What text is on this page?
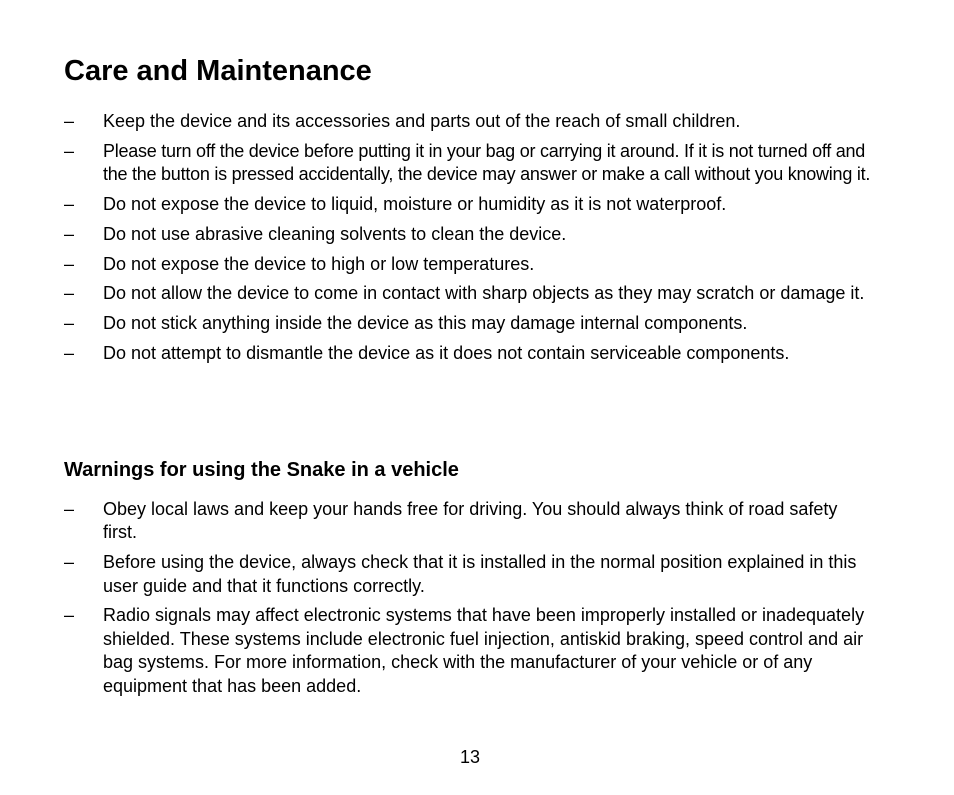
Care and Maintenance
– Keep the device and its accessories and parts out of the reach of small children.
– Please turn off the device before putting it in your bag or carrying it around. If it is not turned off and the the button is pressed accidentally, the device may answer or make a call without you knowing it.
– Do not expose the device to liquid, moisture or humidity as it is not waterproof.
– Do not use abrasive cleaning solvents to clean the device.
– Do not expose the device to high or low temperatures.
– Do not allow the device to come in contact with sharp objects as they may scratch or damage it.
– Do not stick anything inside the device as this may damage internal components.
– Do not attempt to dismantle the device as it does not contain serviceable components.
Warnings for using the Snake in a vehicle
– Obey local laws and keep your hands free for driving. You should always think of road safety first.
– Before using the device, always check that it is installed in the normal position explained in this user guide and that it functions correctly.
– Radio signals may affect electronic systems that have been improperly installed or inadequately shielded. These systems include electronic fuel injection, antiskid braking, speed control and air bag systems. For more information, check with the manufacturer of your vehicle or of any equipment that has been added.
13
